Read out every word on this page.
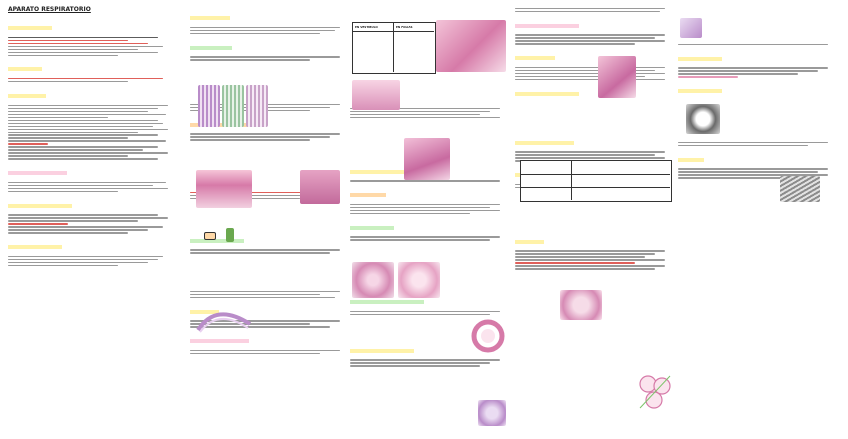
APARATO RESPIRATORIO
EN VESTIBULO	EN FOLIAS
